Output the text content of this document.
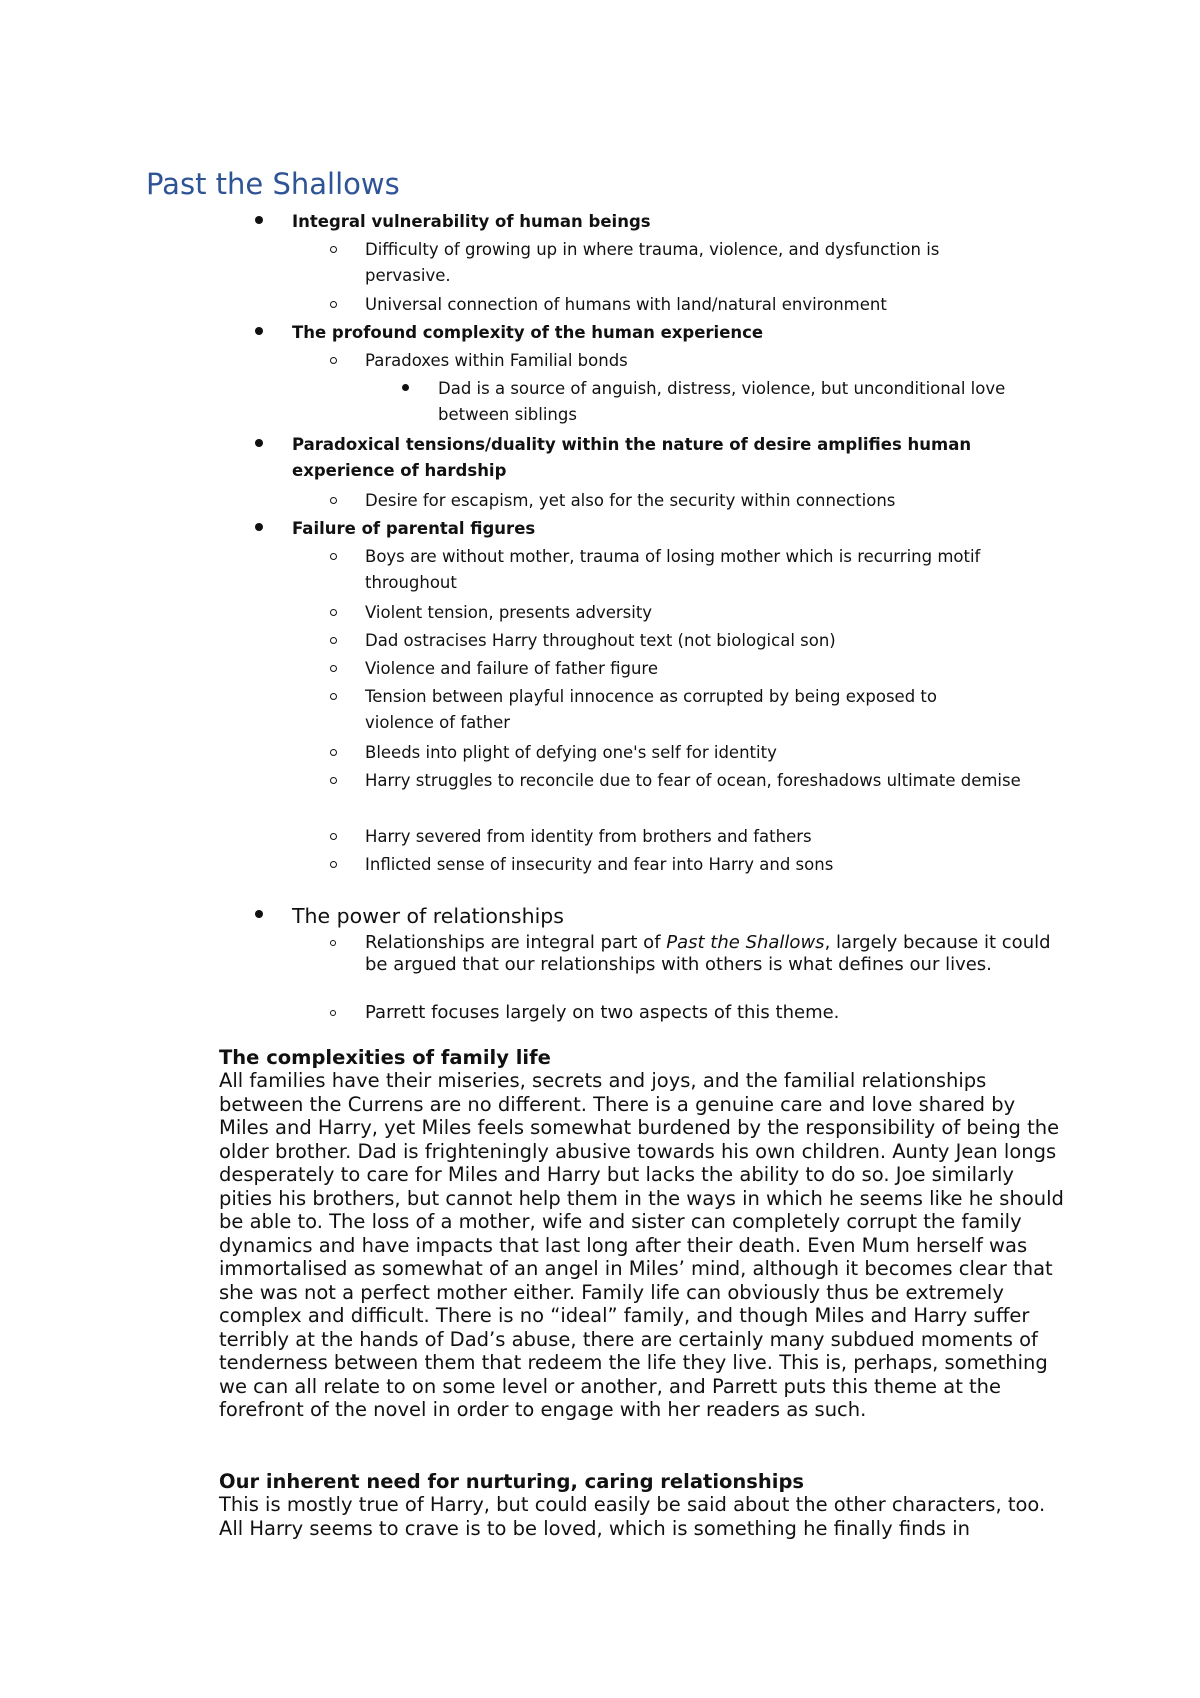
Past the Shallows
Integral vulnerability of human beings
Difficulty of growing up in where trauma, violence, and dysfunction is pervasive.
Universal connection of humans with land/natural environment
The profound complexity of the human experience
Paradoxes within Familial bonds
Dad is a source of anguish, distress, violence, but unconditional love between siblings
Paradoxical tensions/duality within the nature of desire amplifies human experience of hardship
Desire for escapism, yet also for the security within connections
Failure of parental figures
Boys are without mother, trauma of losing mother which is recurring motif throughout
Violent tension, presents adversity
Dad ostracises Harry throughout text (not biological son)
Violence and failure of father figure
Tension between playful innocence as corrupted by being exposed to violence of father
Bleeds into plight of defying one's self for identity
Harry struggles to reconcile due to fear of ocean, foreshadows ultimate demise
Harry severed from identity from brothers and fathers
Inflicted sense of insecurity and fear into Harry and sons
The power of relationships
Relationships are integral part of Past the Shallows, largely because it could be argued that our relationships with others is what defines our lives.
Parrett focuses largely on two aspects of this theme.
The complexities of family life

All families have their miseries, secrets and joys, and the familial relationships between the Currens are no different. There is a genuine care and love shared by Miles and Harry, yet Miles feels somewhat burdened by the responsibility of being the older brother. Dad is frighteningly abusive towards his own children. Aunty Jean longs desperately to care for Miles and Harry but lacks the ability to do so. Joe similarly pities his brothers, but cannot help them in the ways in which he seems like he should be able to. The loss of a mother, wife and sister can completely corrupt the family dynamics and have impacts that last long after their death. Even Mum herself was immortalised as somewhat of an angel in Miles’ mind, although it becomes clear that she was not a perfect mother either. Family life can obviously thus be extremely complex and difficult. There is no “ideal” family, and though Miles and Harry suffer terribly at the hands of Dad’s abuse, there are certainly many subdued moments of tenderness between them that redeem the life they live. This is, perhaps, something we can all relate to on some level or another, and Parrett puts this theme at the forefront of the novel in order to engage with her readers as such.

Our inherent need for nurturing, caring relationships

This is mostly true of Harry, but could easily be said about the other characters, too. All Harry seems to crave is to be loved, which is something he finally finds in
